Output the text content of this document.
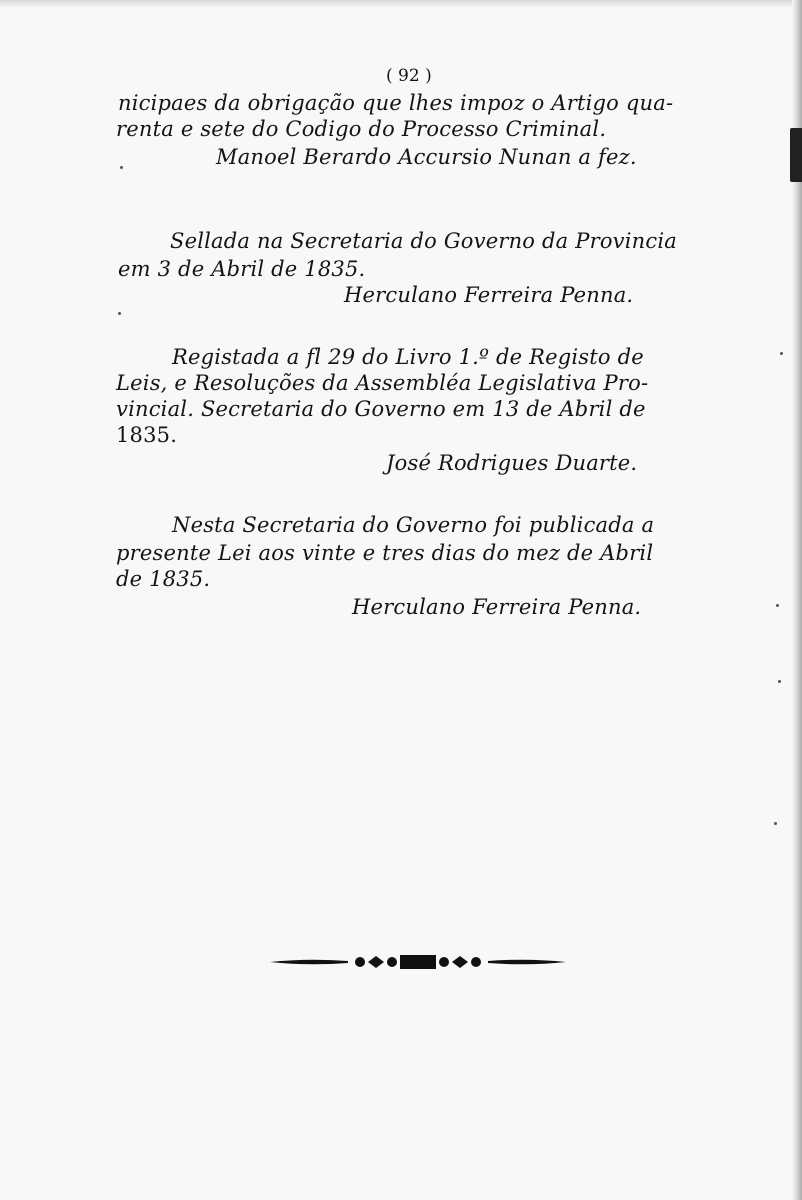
( 92 )
nicipaes da obrigação que lhes impoz o Artigo qua-
renta e sete do Codigo do Processo Criminal.
Manoel Berardo Accursio Nunan a fez.
Sellada na Secretaria do Governo da Provincia
em 3 de Abril de 1835.
Herculano Ferreira Penna.
Registada a fl 29 do Livro 1.º de Registo de
Leis, e Resoluções da Assembléa Legislativa Pro-
vincial. Secretaria do Governo em 13 de Abril de
1835.
José Rodrigues Duarte.
Nesta Secretaria do Governo foi publicada a
presente Lei aos vinte e tres dias do mez de Abril
de 1835.
Herculano Ferreira Penna.
